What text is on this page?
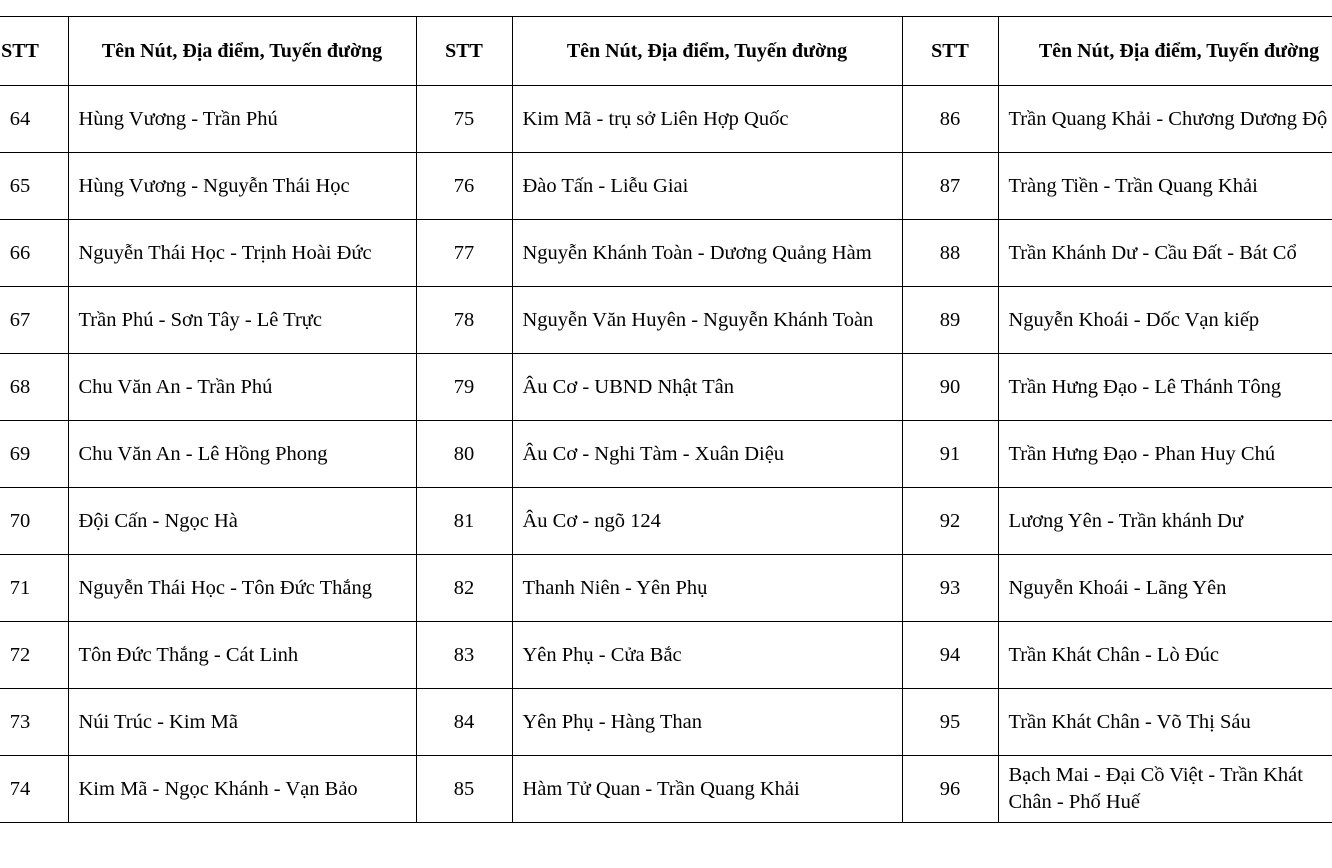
STT	Tên Nút, Địa điểm, Tuyến đường	STT	Tên Nút, Địa điểm, Tuyến đường	STT	Tên Nút, Địa điểm, Tuyến đường
64	Hùng Vương - Trần Phú	75	Kim Mã - trụ sở Liên Hợp Quốc	86	Trần Quang Khải - Chương Dương Độ
65	Hùng Vương - Nguyễn Thái Học	76	Đào Tấn - Liễu Giai	87	Tràng Tiền - Trần Quang Khải
66	Nguyễn Thái Học - Trịnh Hoài Đức	77	Nguyễn Khánh Toàn - Dương Quảng Hàm	88	Trần Khánh Dư - Cầu Đất - Bát Cổ
67	Trần Phú - Sơn Tây - Lê Trực	78	Nguyễn Văn Huyên - Nguyễn Khánh Toàn	89	Nguyễn Khoái - Dốc Vạn kiếp
68	Chu Văn An - Trần Phú	79	Âu Cơ - UBND Nhật Tân	90	Trần Hưng Đạo - Lê Thánh Tông
69	Chu Văn An - Lê Hồng Phong	80	Âu Cơ - Nghi Tàm - Xuân Diệu	91	Trần Hưng Đạo - Phan Huy Chú
70	Đội Cấn - Ngọc Hà	81	Âu Cơ - ngõ 124	92	Lương Yên - Trần khánh Dư
71	Nguyễn Thái Học - Tôn Đức Thắng	82	Thanh Niên - Yên Phụ	93	Nguyễn Khoái - Lãng Yên
72	Tôn Đức Thắng - Cát Linh	83	Yên Phụ - Cửa Bắc	94	Trần Khát Chân - Lò Đúc
73	Núi Trúc - Kim Mã	84	Yên Phụ - Hàng Than	95	Trần Khát Chân - Võ Thị Sáu
74	Kim Mã - Ngọc Khánh - Vạn Bảo	85	Hàm Tử Quan - Trần Quang Khải	96	Bạch Mai - Đại Cồ Việt - Trần Khát Chân - Phố Huế
